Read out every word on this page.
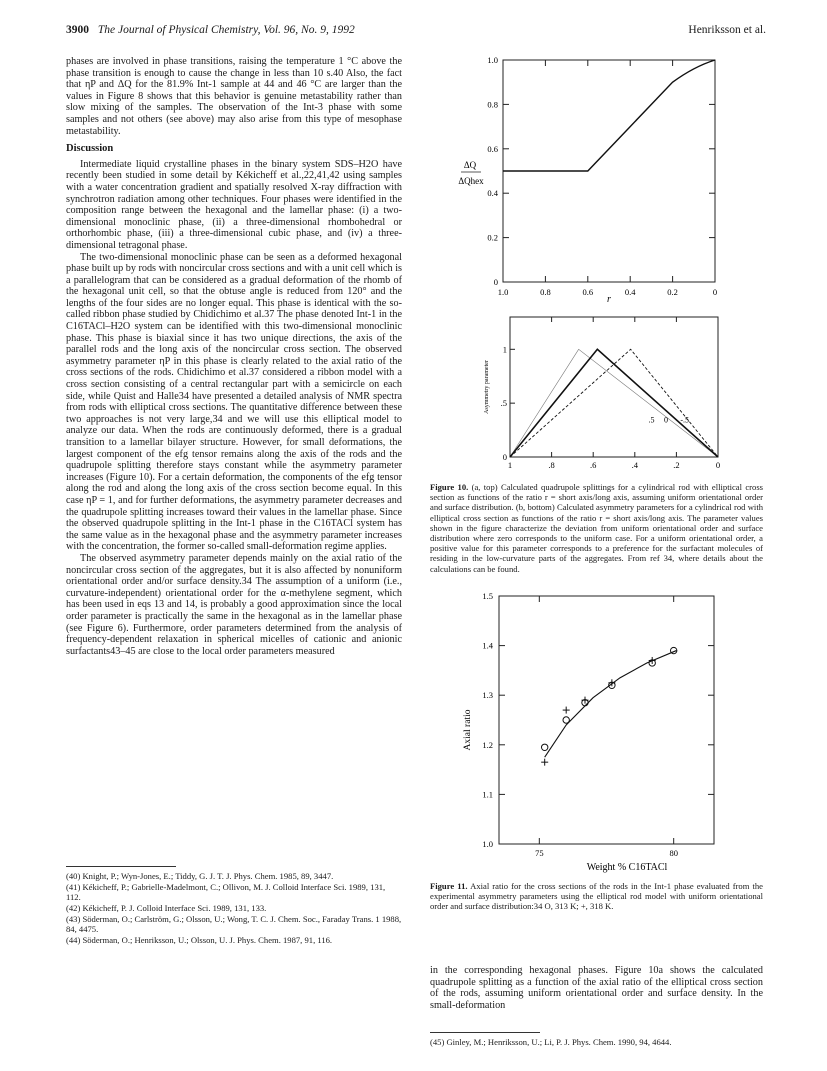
3900 The Journal of Physical Chemistry, Vol. 96, No. 9, 1992	Henriksson et al.

phases are involved in phase transitions, raising the temperature 1 °C above the phase transition is enough to cause the change in less than 10 s.40 Also, the fact that ηP and ΔQ for the 81.9% Int-1 sample at 44 and 46 °C are larger than the values in Figure 8 shows that this behavior is genuine metastability rather than slow mixing of the samples. The observation of the Int-3 phase with some samples and not others (see above) may also arise from this type of mesophase metastability.

Discussion

Intermediate liquid crystalline phases in the binary system SDS–H2O have recently been studied in some detail by Kékicheff et al.,22,41,42 using samples with a water concentration gradient and spatially resolved X-ray diffraction with synchrotron radiation among other techniques. Four phases were identified in the composition range between the hexagonal and the lamellar phase: (i) a two-dimensional monoclinic phase, (ii) a three-dimensional rhombohedral or orthorhombic phase, (iii) a three-dimensional cubic phase, and (iv) a three-dimensional tetragonal phase.

The two-dimensional monoclinic phase can be seen as a deformed hexagonal phase built up by rods with noncircular cross sections and with a unit cell which is a parallelogram that can be considered as a gradual deformation of the rhomb of the hexagonal unit cell, so that the obtuse angle is reduced from 120° and the lengths of the four sides are no longer equal. This phase is identical with the so-called ribbon phase studied by Chidichimo et al.37 The phase denoted Int-1 in the C16TACl–H2O system can be identified with this two-dimensional monoclinic phase. This phase is biaxial since it has two unique directions, the axis of the parallel rods and the long axis of the noncircular cross section. The observed asymmetry parameter ηP in this phase is clearly related to the axial ratio of the cross sections of the rods. Chidichimo et al.37 considered a ribbon model with a cross section consisting of a central rectangular part with a semicircle on each side, while Quist and Halle34 have presented a detailed analysis of NMR spectra from rods with elliptical cross sections. The quantitative difference between these two approaches is not very large,34 and we will use this elliptical model to analyze our data. When the rods are continuously deformed, there is a gradual transition to a lamellar bilayer structure. However, for small deformations, the largest component of the efg tensor remains along the axis of the rods and the quadrupole splitting therefore stays constant while the asymmetry parameter increases (Figure 10). For a certain deformation, the components of the efg tensor along the rod and along the long axis of the cross section become equal. In this case ηP = 1, and for further deformations, the asymmetry parameter decreases and the quadrupole splitting increases toward their values in the lamellar phase. Since the observed quadrupole splitting in the Int-1 phase in the C16TACl system has the same value as in the hexagonal phase and the asymmetry parameter increases with the concentration, the former so-called small-deformation regime applies.

The observed asymmetry parameter depends mainly on the axial ratio of the noncircular cross section of the aggregates, but it is also affected by nonuniform orientational order and/or surface density.34 The assumption of a uniform (i.e., curvature-independent) orientational order for the α-methylene segment, which has been used in eqs 13 and 14, is probably a good approximation since the local order parameter is practically the same in the hexagonal as in the lamellar phase (see Figure 6). Furthermore, order parameters determined from the analysis of frequency-dependent relaxation in spherical micelles of cationic and anionic surfactants43–45 are close to the local order parameters measured

(40) Knight, P.; Wyn-Jones, E.; Tiddy, G. J. T. J. Phys. Chem. 1985, 89, 3447.
(41) Kékicheff, P.; Gabrielle-Madelmont, C.; Ollivon, M. J. Colloid Interface Sci. 1989, 131, 112.
(42) Kékicheff, P. J. Colloid Interface Sci. 1989, 131, 133.
(43) Söderman, O.; Carlström, G.; Olsson, U.; Wong, T. C. J. Chem. Soc., Faraday Trans. 1 1988, 84, 4475.
(44) Söderman, O.; Henriksson, U.; Olsson, U. J. Phys. Chem. 1987, 91, 116.
1.0	0.8	0.6	0.4	0.2	0
0
0.2
0.4
0.6
0.8
1.0
r
ΔQ
ΔQhex
1	.8	.6	.4	.2	0
0
.5
1
.5 0 -.5
Asymmetry parameter
Figure 10. (a, top) Calculated quadrupole splittings for a cylindrical rod with elliptical cross section as functions of the ratio r = short axis/long axis, assuming uniform orientational order and surface distribution. (b, bottom) Calculated asymmetry parameters for a cylindrical rod with elliptical cross section as functions of the ratio r = short axis/long axis. The parameter values shown in the figure characterize the deviation from uniform orientational order and surface distribution where zero corresponds to the uniform case. For a uniform orientational order, a positive value for this parameter corresponds to a preference for the surfactant molecules of residing in the low-curvature parts of the aggregates. From ref 34, where details about the calculations can be found.
75	80
1.0
1.1
1.2
1.3
1.4
1.5
Weight % C16TACl
Axial ratio
Figure 11. Axial ratio for the cross sections of the rods in the Int-1 phase evaluated from the experimental asymmetry parameters using the elliptical rod model with uniform orientational order and surface distribution:34 O, 313 K; +, 318 K.
in the corresponding hexagonal phases. Figure 10a shows the calculated quadrupole splitting as a function of the axial ratio of the elliptical cross section of the rods, assuming uniform orientational order and surface density. In the small-deformation
(45) Ginley, M.; Henriksson, U.; Li, P. J. Phys. Chem. 1990, 94, 4644.
